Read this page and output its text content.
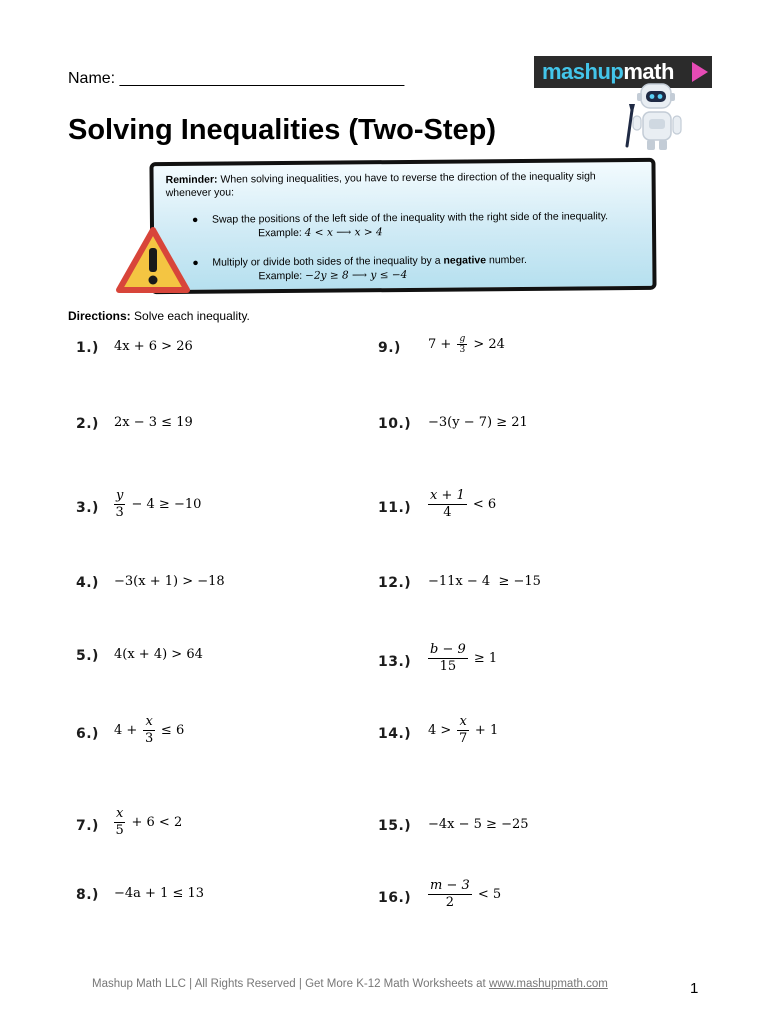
Name: ________________________________	mashupmath
Solving Inequalities (Two-Step)
Reminder: When solving inequalities, you have to reverse the direction of the inequality sigh
whenever you:
● Swap the positions of the left side of the inequality with the right side of the inequality.
Example: 4 < x ⟶ x > 4
● Multiply or divide both sides of the inequality by a negative number.
Example: −2y ≥ 8 ⟶ y ≤ −4
Directions: Solve each inequality.
1.) 4x + 6 > 26
2.) 2x − 3 ≤ 19
$3.) \frac{y}{3} - 4 \ge -10$
4.) −3(x + 1) > −18
5.) 4(x + 4) > 64
6.) $4 + \frac{x}{3} \le 6$
$7.) \frac{x}{5} + 6 < 2$
8.) −4a + 1 ≤ 13
9.) $7 + \frac{g}{3} > 24$
10.) −3(y − 7) ≥ 21
$11.) \frac{x + 1}{4} < 6$
12.) −11x − 4  ≥ −15
$13.) \frac{b - 9}{15} \ge 1$
14.) $4 > \frac{x}{7} + 1$
15.) −4x − 5 ≥ −25
$16.) \frac{m - 3}{2} < 5$
Mashup Math LLC | All Rights Reserved | Get More K-12 Math Worksheets at www.mashupmath.com	1
